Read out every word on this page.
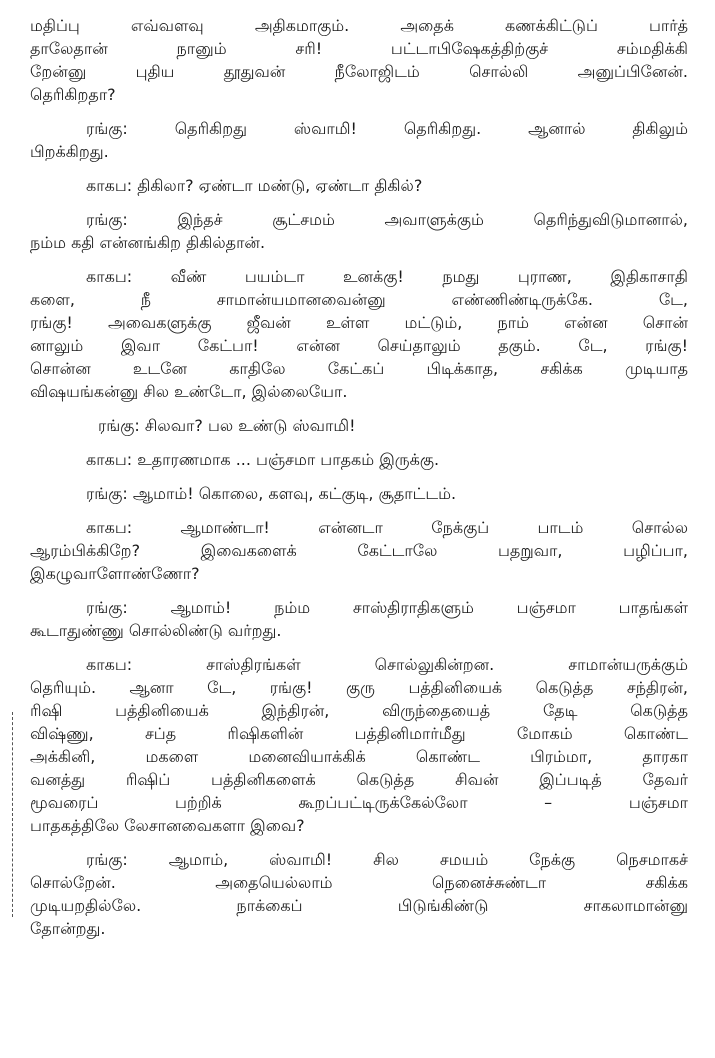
மதிப்பு எவ்வளவு அதிகமாகும். அதைக் கணக்கிட்டுப் பார்த்
தாலேதான் நானும் சரி! பட்டாபிஷேகத்திற்குச் சம்மதிக்கி
றேன்னு புதிய தூதுவன் நீலோஜிடம் சொல்லி அனுப்பினேன்.
தெரிகிறதா?
ரங்கு: தெரிகிறது ஸ்வாமி! தெரிகிறது. ஆனால் திகிலும்
பிறக்கிறது.
காகப: திகிலா? ஏண்டா மண்டு, ஏண்டா திகில்?
ரங்கு: இந்தச் சூட்சமம் அவாளுக்கும் தெரிந்துவிடுமானால்,
நம்ம கதி என்னங்கிற திகில்தான்.
காகப: வீண் பயம்டா உனக்கு! நமது புராண, இதிகாசாதி
களை, நீ சாமான்யமானவைன்னு எண்ணிண்டிருக்கே. டே,
ரங்கு! அவைகளுக்கு ஜீவன் உள்ள மட்டும், நாம் என்ன சொன்
னாலும் இவா கேட்பா! என்ன செய்தாலும் தகும். டே, ரங்கு!
சொன்ன உடனே காதிலே கேட்கப் பிடிக்காத, சகிக்க முடியாத
விஷயங்கன்னு சில உண்டோ, இல்லையோ.
ரங்கு: சிலவா? பல உண்டு ஸ்வாமி!
காகப: உதாரணமாக ... பஞ்சமா பாதகம் இருக்கு.
ரங்கு: ஆமாம்! கொலை, களவு, கட்குடி, சூதாட்டம்.
காகப: ஆமாண்டா! என்னடா நேக்குப் பாடம் சொல்ல
ஆரம்பிக்கிறே? இவைகளைக் கேட்டாலே பதறுவா, பழிப்பா,
இகழுவாளோண்ணோ?
ரங்கு: ஆமாம்! நம்ம சாஸ்திராதிகளும் பஞ்சமா பாதங்கள்
கூடாதுண்ணு சொல்லிண்டு வர்றது.
காகப: சாஸ்திரங்கள் சொல்லுகின்றன. சாமான்யருக்கும்
தெரியும். ஆனா டே, ரங்கு! குரு பத்தினியைக் கெடுத்த சந்திரன்,
ரிஷி பத்தினியைக் இந்திரன், விருந்தையைத் தேடி கெடுத்த
விஷ்ணு, சப்த ரிஷிகளின் பத்தினிமார்மீது மோகம் கொண்ட
அக்கினி, மகளை மனைவியாக்கிக் கொண்ட பிரம்மா, தாரகா
வனத்து ரிஷிப் பத்தினிகளைக் கெடுத்த சிவன் இப்படித் தேவர்
மூவரைப் பற்றிக் கூறப்பட்டிருக்கேல்லோ – பஞ்சமா
பாதகத்திலே லேசானவைகளா இவை?
ரங்கு: ஆமாம், ஸ்வாமி! சில சமயம் நேக்கு நெசமாகச்
சொல்றேன். அதையெல்லாம் நெனைச்சுண்டா சகிக்க
முடியறதில்லே. நாக்கைப் பிடுங்கிண்டு சாகலாமான்னு
தோன்றது.
